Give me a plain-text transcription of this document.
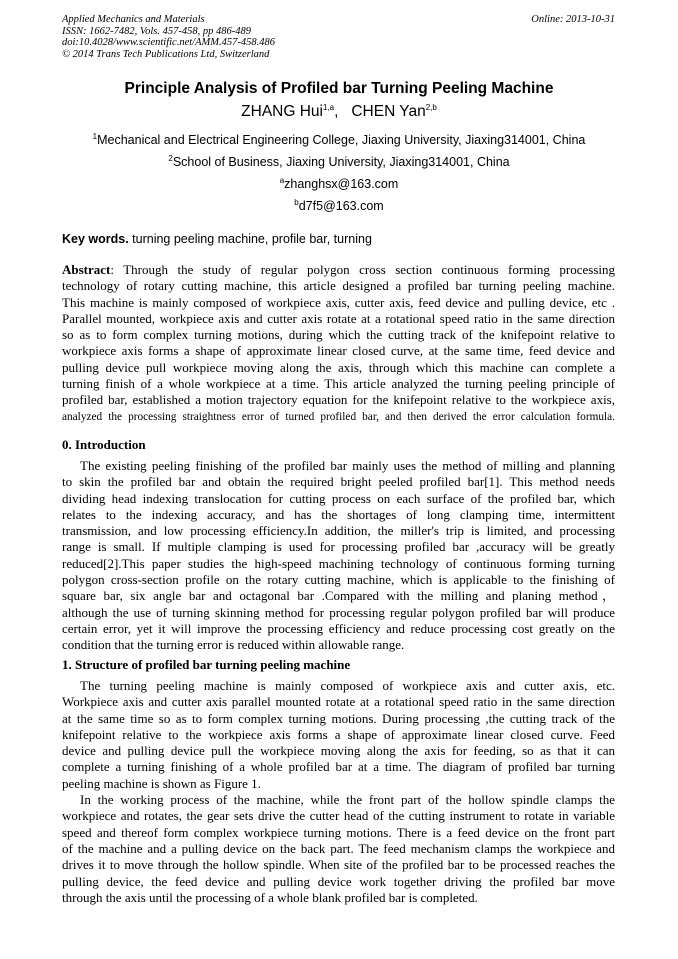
Applied Mechanics and Materials
ISSN: 1662-7482, Vols. 457-458, pp 486-489
doi:10.4028/www.scientific.net/AMM.457-458.486
© 2014 Trans Tech Publications Ltd, Switzerland
Online: 2013-10-31
Principle Analysis of Profiled bar Turning Peeling Machine
ZHANG Hui$^{1,a}$,   CHEN Yan$^{2,b}$
$^1$Mechanical and Electrical Engineering College, Jiaxing University, Jiaxing314001, China
$^2$School of Business, Jiaxing University, Jiaxing314001, China
$^a$zhanghsx@163.com
$^b$d7f5@163.com
Key words. turning peeling machine, profile bar, turning
Abstract: Through the study of regular polygon cross section continuous forming processing
technology of rotary cutting machine, this article designed a profiled bar turning peeling machine.
This machine is mainly composed of workpiece axis, cutter axis, feed device and pulling device, etc .
Parallel mounted, workpiece axis and cutter axis rotate at a rotational speed ratio in the same direction
so as to form complex turning motions, during which the cutting track of the knifepoint relative to
workpiece axis forms a shape of approximate linear closed curve, at the same time, feed device and
pulling device pull workpiece moving along the axis, through which this machine can complete a
turning finish of a whole workpiece at a time. This article analyzed the turning peeling principle of
profiled bar, established a motion trajectory equation for the knifepoint relative to the workpiece axis,
analyzed the processing straightness error of turned profiled bar, and then derived the error calculation formula.
0. Introduction
The existing peeling finishing of the profiled bar mainly uses the method of milling and planning
to skin the profiled bar and obtain the required bright peeled profiled bar[1]. This method needs
dividing head indexing translocation for cutting process on each surface of the profiled bar, which
relates to the indexing accuracy, and has the shortages of long clamping time, intermittent
transmission, and low processing efficiency.In addition, the miller's trip is limited, and processing
range is small. If multiple clamping is used for processing profiled bar ,accuracy will be greatly
reduced[2].This paper studies the high-speed machining technology of continuous forming turning
polygon cross-section profile on the rotary cutting machine, which is applicable to the finishing of
square bar, six angle bar and octagonal bar .Compared with the milling and planing method，
although the use of turning skinning method for processing regular polygon profiled bar will produce
certain error, yet it will improve the processing efficiency and reduce processing cost greatly on the
condition that the turning error is reduced within allowable range.
1. Structure of profiled bar turning peeling machine
The turning peeling machine is mainly composed of workpiece axis and cutter axis, etc.
Workpiece axis and cutter axis parallel mounted rotate at a rotational speed ratio in the same direction
at the same time so as to form complex turning motions. During processing ,the cutting track of the
knifepoint relative to the workpiece axis forms a shape of approximate linear closed curve. Feed
device and pulling device pull the workpiece moving along the axis for feeding, so as that it can
complete a turning finishing of a whole profiled bar at a time. The diagram of profiled bar turning
peeling machine is shown as Figure 1.
In the working process of the machine, while the front part of the hollow spindle clamps the
workpiece and rotates, the gear sets drive the cutter head of the cutting instrument to rotate in variable
speed and thereof form complex workpiece turning motions. There is a feed device on the front part
of the machine and a pulling device on the back part. The feed mechanism clamps the workpiece and
drives it to move through the hollow spindle. When site of the profiled bar to be processed reaches the
pulling device, the feed device and pulling device work together driving the profiled bar move
through the axis until the processing of a whole blank profiled bar is completed.
